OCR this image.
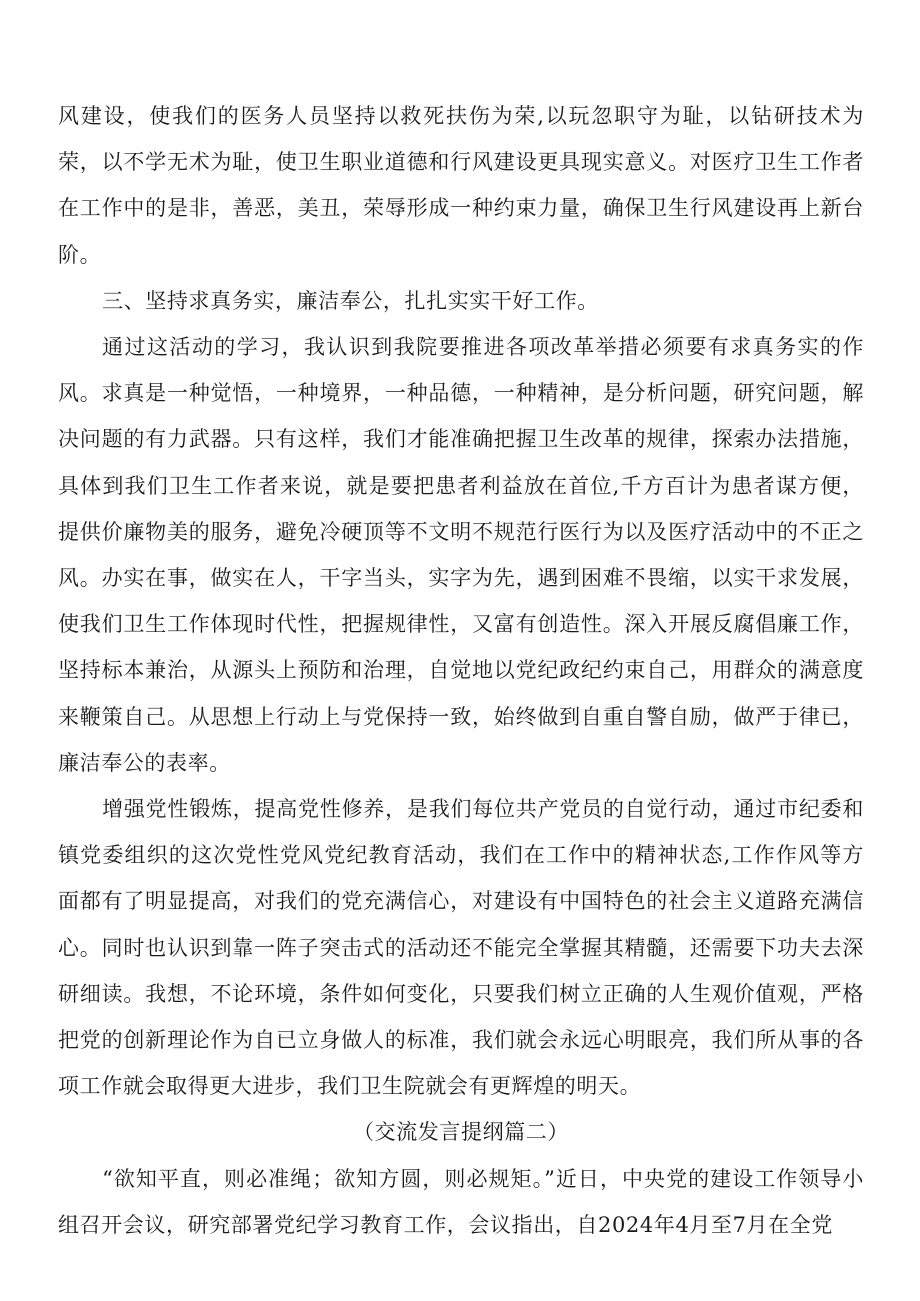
风建设，使我们的医务人员坚持以救死扶伤为荣,以玩忽职守为耻，以钻研技术为荣，以不学无术为耻，使卫生职业道德和行风建设更具现实意义。对医疗卫生工作者在工作中的是非，善恶，美丑，荣辱形成一种约束力量，确保卫生行风建设再上新台阶。

三、坚持求真务实，廉洁奉公，扎扎实实干好工作。

通过这活动的学习，我认识到我院要推进各项改革举措必须要有求真务实的作风。求真是一种觉悟，一种境界，一种品德，一种精神，是分析问题，研究问题，解决问题的有力武器。只有这样，我们才能准确把握卫生改革的规律，探索办法措施，具体到我们卫生工作者来说，就是要把患者利益放在首位,千方百计为患者谋方便，提供价廉物美的服务，避免冷硬顶等不文明不规范行医行为以及医疗活动中的不正之风。办实在事，做实在人，干字当头，实字为先，遇到困难不畏缩，以实干求发展，使我们卫生工作体现时代性，把握规律性，又富有创造性。深入开展反腐倡廉工作，坚持标本兼治，从源头上预防和治理，自觉地以党纪政纪约束自己，用群众的满意度来鞭策自己。从思想上行动上与党保持一致，始终做到自重自警自励，做严于律已，廉洁奉公的表率。

增强党性锻炼，提高党性修养，是我们每位共产党员的自觉行动，通过市纪委和镇党委组织的这次党性党风党纪教育活动，我们在工作中的精神状态,工作作风等方面都有了明显提高，对我们的党充满信心，对建设有中国特色的社会主义道路充满信心。同时也认识到靠一阵子突击式的活动还不能完全掌握其精髓，还需要下功夫去深研细读。我想，不论环境，条件如何变化，只要我们树立正确的人生观价值观，严格把党的创新理论作为自已立身做人的标准，我们就会永远心明眼亮，我们所从事的各项工作就会取得更大进步，我们卫生院就会有更辉煌的明天。

（交流发言提纲篇二）

“欲知平直，则必准绳；欲知方圆，则必规矩。”近日，中央党的建设工作领导小组召开会议，研究部署党纪学习教育工作，会议指出，自2024年4月至7月在全党
